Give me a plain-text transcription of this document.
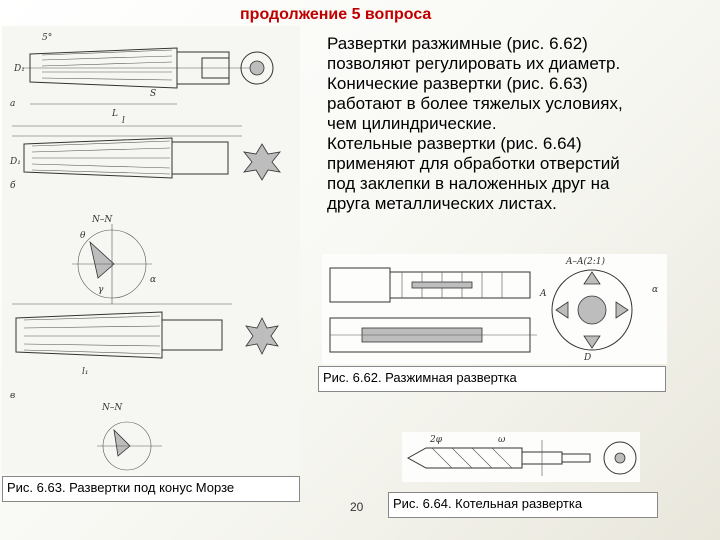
продолжение 5 вопроса

Развертки разжимные (рис. 6.62)
позволяют регулировать их диаметр.
Конические развертки (рис. 6.63)
работают в более тяжелых условиях,
чем цилиндрические.
Котельные развертки (рис. 6.64)
применяют для обработки отверстий
под заклепки в наложенных друг на
друга металлических листах.

5°
D₁
L
S
а
l
D₁
б
N–N
θ
α
γ
l₁
в
N–N
A–A(2:1)
α
D
A
2φ	ω
Рис. 6.62. Разжимная развертка
Рис. 6.63. Развертки под конус Морзе
Рис. 6.64. Котельная развертка
20
